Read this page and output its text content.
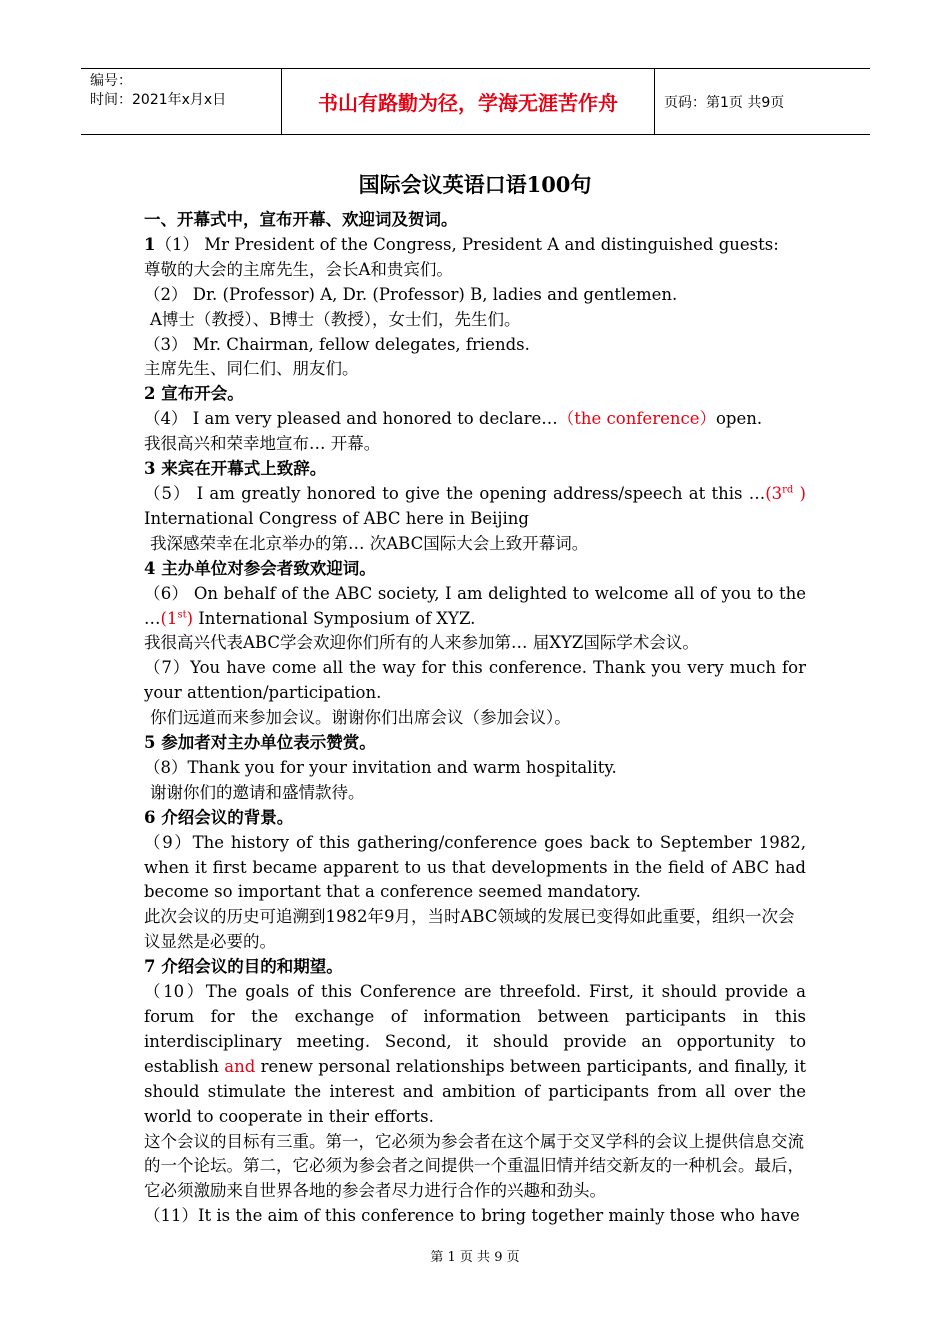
编号：
时间：2021年x月x日	书山有路勤为径，学海无涯苦作舟	页码：第1页 共9页
国际会议英语口语100句

一、开幕式中，宣布开幕、欢迎词及贺词。

1（1） Mr President of the Congress, President A and distinguished guests:

尊敬的大会的主席先生，会长A和贵宾们。

（2） Dr. (Professor) A, Dr. (Professor) B, ladies and gentlemen.

A博士（教授）、B博士（教授），女士们，先生们。

（3） Mr. Chairman, fellow delegates, friends.

主席先生、同仁们、朋友们。

2 宣布开会。

（4） I am very pleased and honored to declare…（the conference）open.

我很高兴和荣幸地宣布… 开幕。

3 来宾在开幕式上致辞。

（5） I am greatly honored to give the opening address/speech at this …(3rd ) International Congress of ABC here in Beijing

我深感荣幸在北京举办的第… 次ABC国际大会上致开幕词。

4 主办单位对参会者致欢迎词。

（6） On behalf of the ABC society, I am delighted to welcome all of you to the …(1st) International Symposium of XYZ.

我很高兴代表ABC学会欢迎你们所有的人来参加第… 届XYZ国际学术会议。

（7）You have come all the way for this conference. Thank you very much for your attention/participation.

你们远道而来参加会议。谢谢你们出席会议（参加会议）。

5 参加者对主办单位表示赞赏。

（8）Thank you for your invitation and warm hospitality.

谢谢你们的邀请和盛情款待。

6 介绍会议的背景。

（9）The history of this gathering/conference goes back to September 1982, when it first became apparent to us that developments in the field of ABC had become so important that a conference seemed mandatory.

此次会议的历史可追溯到1982年9月，当时ABC领域的发展已变得如此重要，组织一次会议显然是必要的。

7 介绍会议的目的和期望。

（10）The goals of this Conference are threefold. First, it should provide a forum for the exchange of information between participants in this interdisciplinary meeting. Second, it should provide an opportunity to establish and renew personal relationships between participants, and finally, it should stimulate the interest and ambition of participants from all over the world to cooperate in their efforts.

这个会议的目标有三重。第一，它必须为参会者在这个属于交叉学科的会议上提供信息交流的一个论坛。第二，它必须为参会者之间提供一个重温旧情并结交新友的一种机会。最后，它必须激励来自世界各地的参会者尽力进行合作的兴趣和劲头。

（11）It is the aim of this conference to bring together mainly those who have

第 1 页 共 9 页
